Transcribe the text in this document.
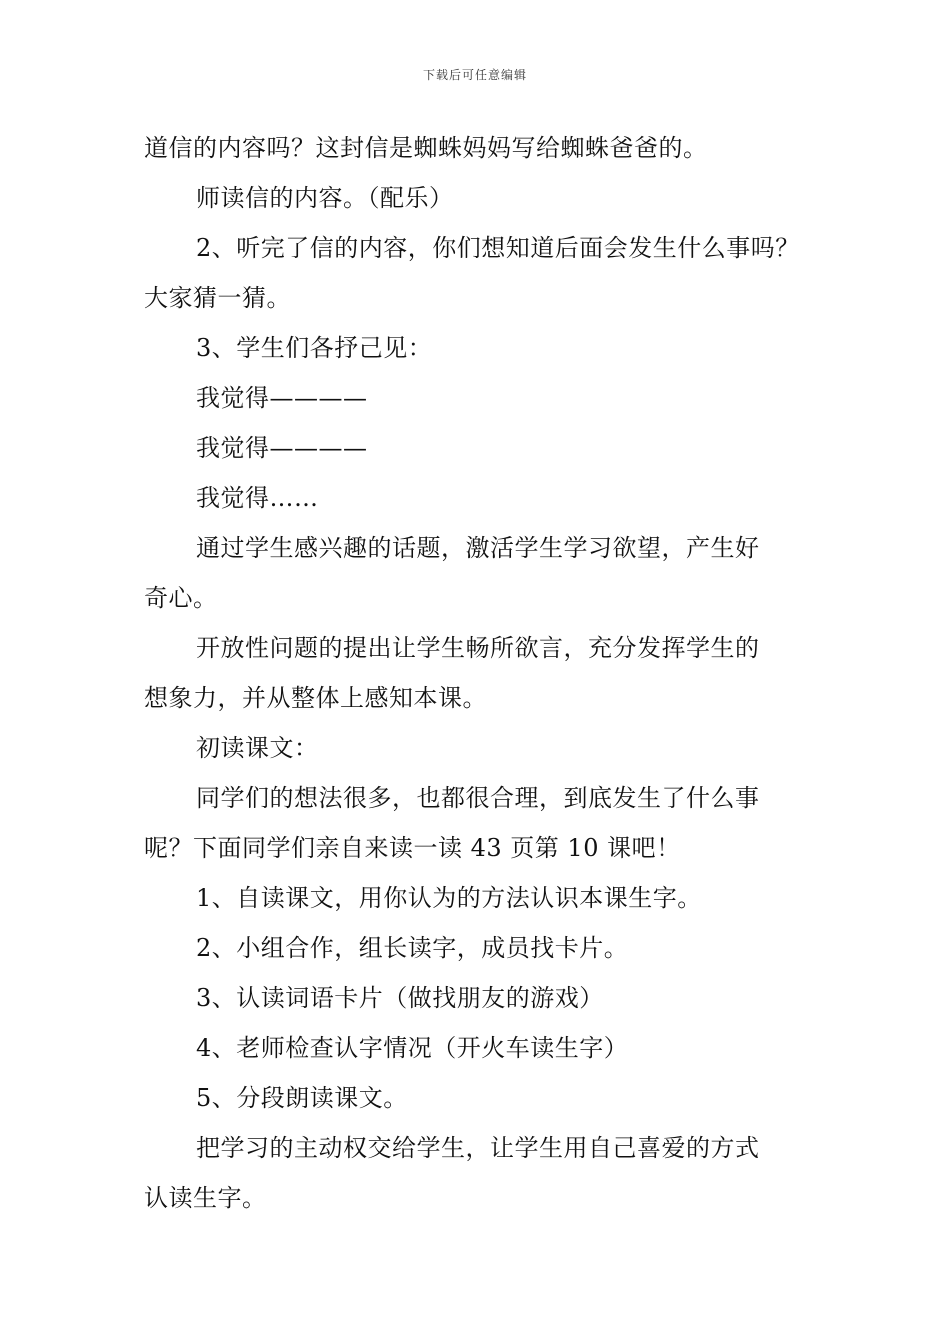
下载后可任意编辑
道信的内容吗？这封信是蜘蛛妈妈写给蜘蛛爸爸的。
师读信的内容。（配乐）
2、听完了信的内容，你们想知道后面会发生什么事吗？
大家猜一猜。
3、学生们各抒己见：
我觉得————
我觉得————
我觉得……
通过学生感兴趣的话题，激活学生学习欲望，产生好
奇心。
开放性问题的提出让学生畅所欲言，充分发挥学生的
想象力，并从整体上感知本课。
初读课文：
同学们的想法很多，也都很合理，到底发生了什么事
呢？下面同学们亲自来读一读 43 页第 10 课吧！
1、自读课文，用你认为的方法认识本课生字。
2、小组合作，组长读字，成员找卡片。
3、认读词语卡片（做找朋友的游戏）
4、老师检查认字情况（开火车读生字）
5、分段朗读课文。
把学习的主动权交给学生，让学生用自己喜爱的方式
认读生字。
